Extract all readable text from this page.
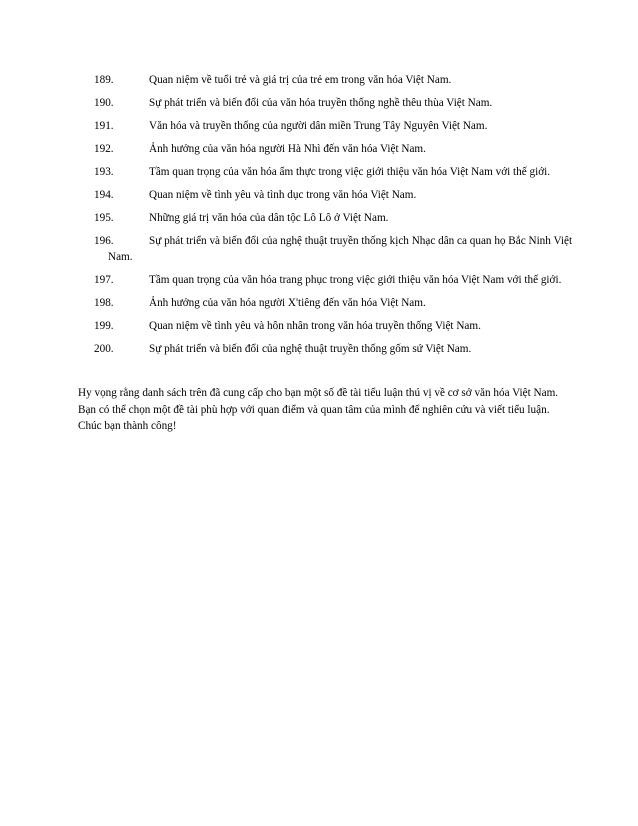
189.	Quan niệm về tuổi trẻ và giá trị của trẻ em trong văn hóa Việt Nam.
190.	Sự phát triển và biến đổi của văn hóa truyền thống nghề thêu thùa Việt Nam.
191.	Văn hóa và truyền thống của người dân miền Trung Tây Nguyên Việt Nam.
192.	Ảnh hưởng của văn hóa người Hà Nhì đến văn hóa Việt Nam.
193.	Tầm quan trọng của văn hóa ẩm thực trong việc giới thiệu văn hóa Việt Nam với thế giới.
194.	Quan niệm về tình yêu và tình dục trong văn hóa Việt Nam.
195.	Những giá trị văn hóa của dân tộc Lô Lô ở Việt Nam.
196.	Sự phát triển và biến đổi của nghệ thuật truyền thống kịch Nhạc dân ca quan họ Bắc Ninh Việt Nam.
197.	Tầm quan trọng của văn hóa trang phục trong việc giới thiệu văn hóa Việt Nam với thế giới.
198.	Ảnh hưởng của văn hóa người X'tiêng đến văn hóa Việt Nam.
199.	Quan niệm về tình yêu và hôn nhân trong văn hóa truyền thống Việt Nam.
200.	Sự phát triển và biến đổi của nghệ thuật truyền thống gốm sứ Việt Nam.

Hy vọng rằng danh sách trên đã cung cấp cho bạn một số đề tài tiểu luận thú vị về cơ sở văn hóa Việt Nam. Bạn có thể chọn một đề tài phù hợp với quan điểm và quan tâm của mình để nghiên cứu và viết tiểu luận. Chúc bạn thành công!
